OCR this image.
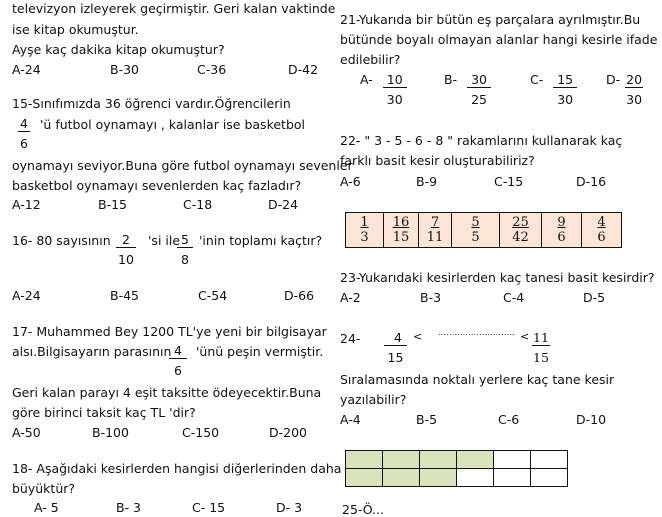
televizyon izleyerek geçirmiştir. Geri kalan vaktinde
ise kitap okumuştur.
Ayşe kaç dakika kitap okumuştur?
A-24	B-30	C-36	D-42
15-Sınıfımızda 36 öğrenci vardır.Öğrencilerin
$\frac{4}{6}$ 'ü futbol oynamayı , kalanlar ise basketbol
oynamayı seviyor.Buna göre futbol oynamayı sevenler
basketbol oynamayı sevenlerden kaç fazladır?
A-12	B-15	C-18	D-24
16- 80 sayısının $\frac{2}{10}$ 'si ile
$\frac{5}{8}$ 'inin toplamı kaçtır?
A-24	B-45	C-54	D-66
17- Muhammed Bey 1200 TL'ye yeni bir bilgisayar
alsı.Bilgisayarın parasının
$\frac{4}{6}$ 'ünü peşin vermiştir.
Geri kalan parayı 4 eşit taksitte ödeyecektir.Buna
göre birinci taksit kaç TL 'dir?
A-50	B-100	C-150	D-200
18- Aşağıdaki kesirlerden hangisi diğerlerinden daha
büyüktür?
A- 5	B- 3	C- 15	D- 3
21-Yukarıda bir bütün eş parçalara ayrılmıştır.Bu
bütünde boyalı olmayan alanlar hangi kesirle ifade
edilebilir?
$A- \frac{10}{30}$	$B- \frac{30}{25}$	$C- \frac{15}{30} D- \frac{20}{30}$
22- " 3 - 5 - 6 - 8 " rakamlarını kullanarak kaç
farklı basit kesir oluşturabiliriz?
A-6	B-9	C-15	D-16
1
3	
16
15	
7
11	
5
5	
25
42	
9
6	
4
6
23-Yukarıdaki kesirlerden kaç tanesi basit kesirdir?
A-2	B-3	C-4	D-5
$24- \frac{4}{15}$ < ............................ < $\frac{11}{15}$
Sıralamasında noktalı yerlere kaç tane kesir
yazılabilir?
A-4	B-5	C-6	D-10

25-Ö...
